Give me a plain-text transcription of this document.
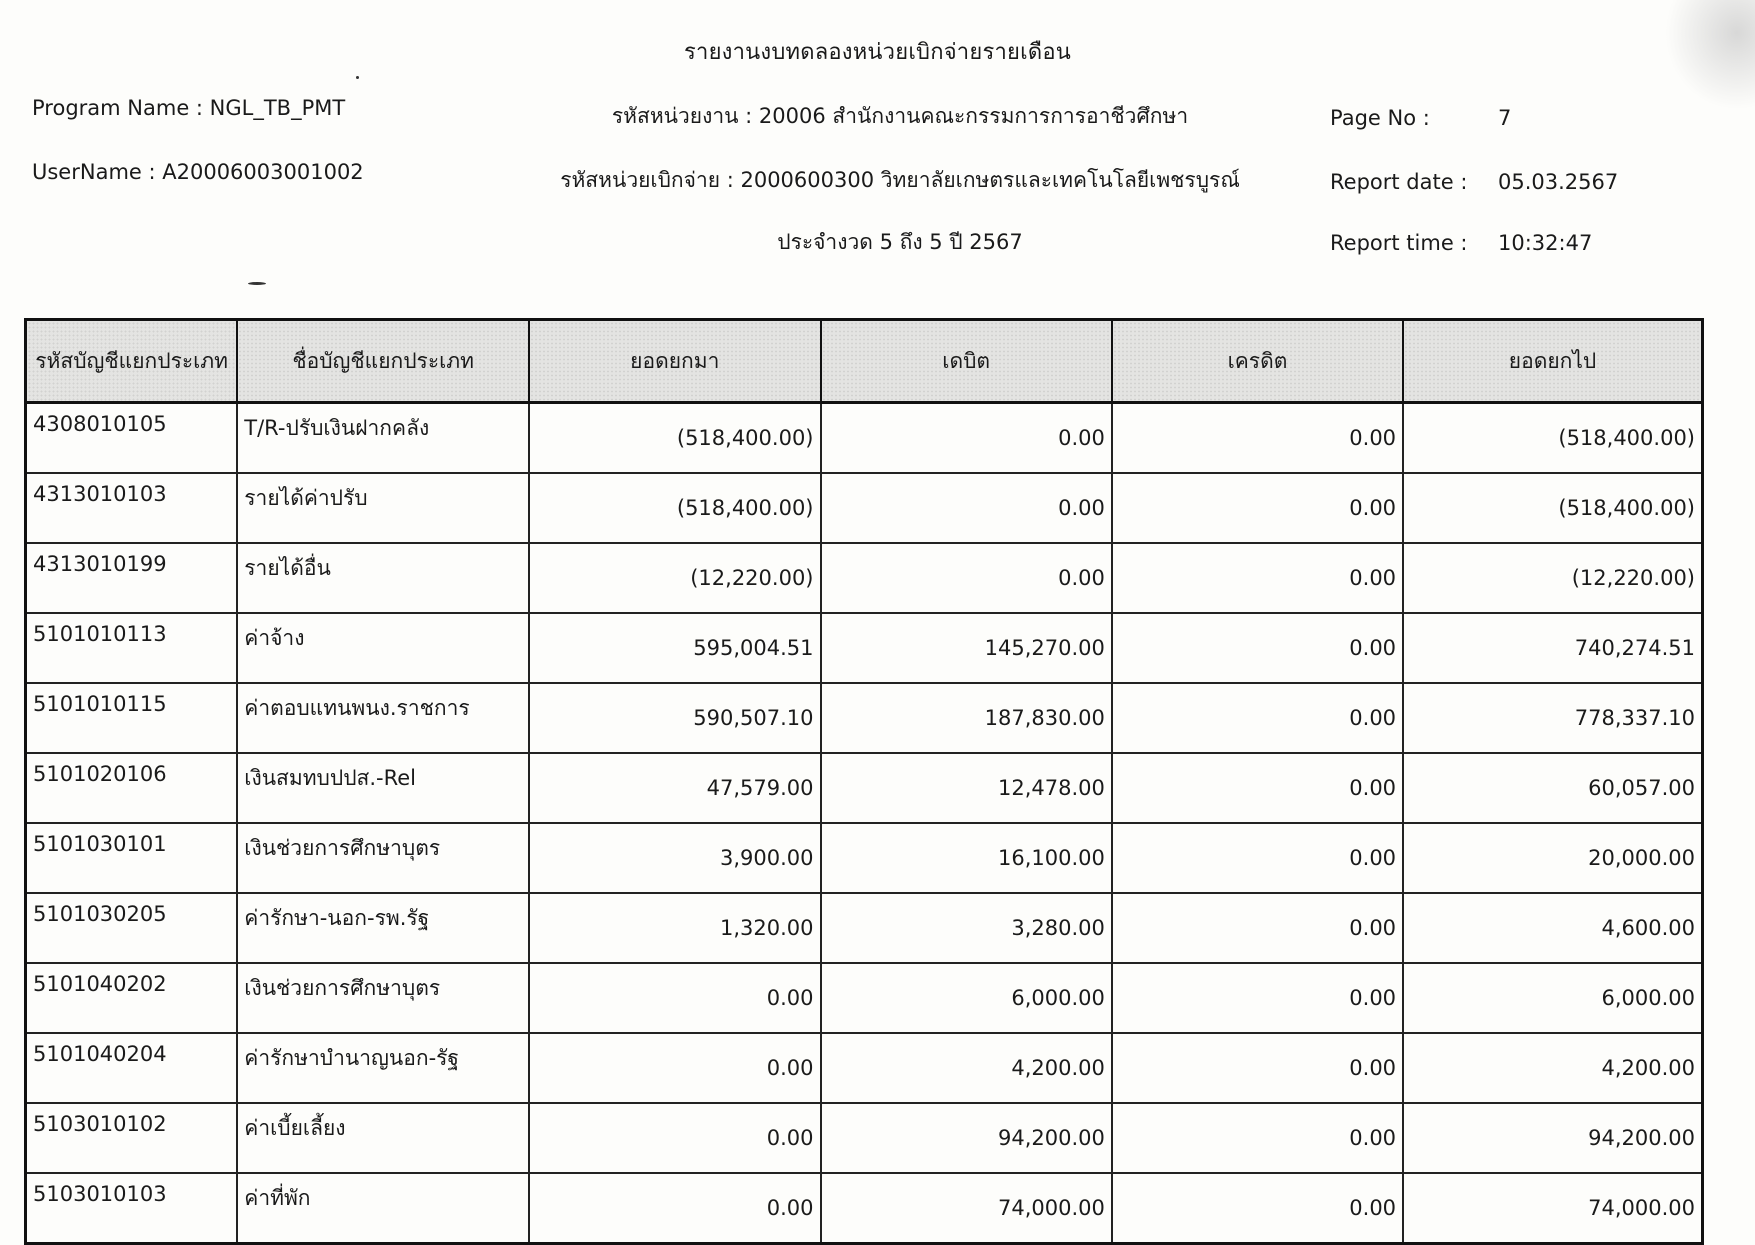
รายงานงบทดลองหน่วยเบิกจ่ายรายเดือน
Program Name : NGL_TB_PMT
UserName : A20006003001002
รหัสหน่วยงาน : 20006 สำนักงานคณะกรรมการการอาชีวศึกษา
รหัสหน่วยเบิกจ่าย : 2000600300 วิทยาลัยเกษตรและเทคโนโลยีเพชรบูรณ์
ประจำงวด 5 ถึง 5 ปี 2567
Page No :	7
Report date : 05.03.2567
Report time : 10:32:47
รหัสบัญชีแยกประเภท	ชื่อบัญชีแยกประเภท	ยอดยกมา	เดบิต	เครดิต	ยอดยกไป
4308010105	T/R-ปรับเงินฝากคลัง	(518,400.00)	0.00	0.00	(518,400.00)
4313010103	รายได้ค่าปรับ	(518,400.00)	0.00	0.00	(518,400.00)
4313010199	รายได้อื่น	(12,220.00)	0.00	0.00	(12,220.00)
5101010113	ค่าจ้าง	595,004.51	145,270.00	0.00	740,274.51
5101010115	ค่าตอบแทนพนง.ราชการ	590,507.10	187,830.00	0.00	778,337.10
5101020106	เงินสมทบปปส.-Rel	47,579.00	12,478.00	0.00	60,057.00
5101030101	เงินช่วยการศึกษาบุตร	3,900.00	16,100.00	0.00	20,000.00
5101030205	ค่ารักษา-นอก-รพ.รัฐ	1,320.00	3,280.00	0.00	4,600.00
5101040202	เงินช่วยการศึกษาบุตร	0.00	6,000.00	0.00	6,000.00
5101040204	ค่ารักษาบำนาญนอก-รัฐ	0.00	4,200.00	0.00	4,200.00
5103010102	ค่าเบี้ยเลี้ยง	0.00	94,200.00	0.00	94,200.00
5103010103	ค่าที่พัก	0.00	74,000.00	0.00	74,000.00
